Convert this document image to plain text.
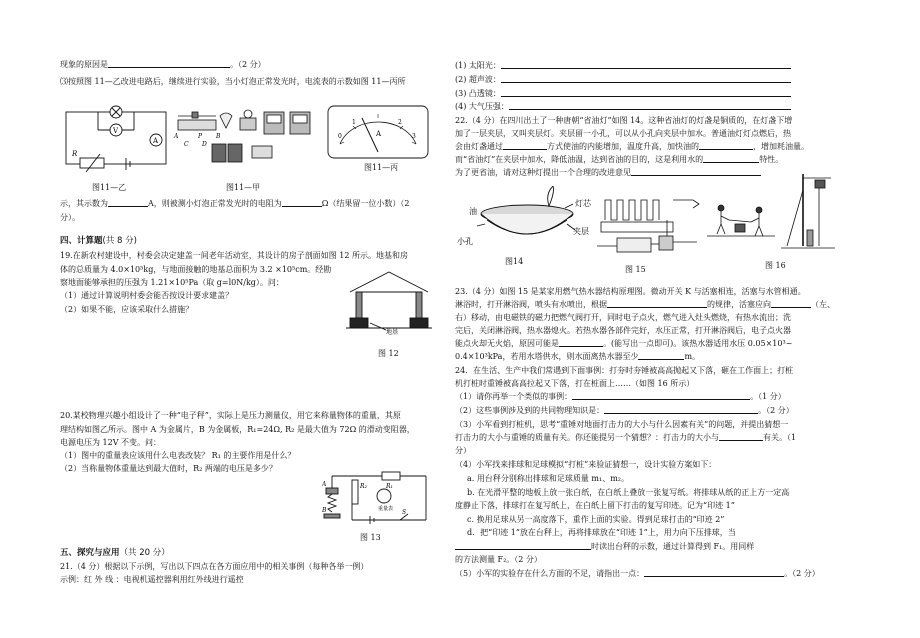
现象的原因是	。（2 分）
⑶按照图 11—乙改进电路后，继续进行实验，当小灯泡正常发光时，电流表的示数如图 11—丙所
V
A
R
图11—乙
A	P B
C D
图11—甲
0
1	2
3
A
图11—丙
示，其示数为	A，则被测小灯泡正常发光时的电阻为	Ω（结果留一位小数）（2
分）。
四、计算题(共 8 分)
19.在新农村建设中，村委会决定建盖一间老年活动室，其设计的房子剖面如图 12 所示。地基和房
体的总质量为 4.0×10⁵kg，与地面接触的地基总面积为 3.2 ×10⁵cm。经勘
察地面能够承担的压强为 1.21×10⁵Pa（取 g=l0N/kg）。问：
（1）通过计算说明村委会能否按设计要求建盖？
（2）如果不能，应该采取什么措施？
地基
图 12
20.某校物理兴趣小组设计了一种“电子秤”，实际上是压力测量仪，用它来称量物体的重量，其原
理结构如图乙所示。图中 A 为金属片，B 为金属板，R₁=24Ω, R₂ 是最大值为 72Ω 的滑动变阻器，
电源电压为 12V 不变。问：
（1）图中的重量表应该用什么电表改装？ R₁ 的主要作用是什么？
（2）当称量物体重量达到最大值时，R₂ 两端的电压是多少？
A
B
R₂	R₁
S
重量表
图 13
五、探究与应用（共 20 分）
21.（4 分）根据以下示例，写出以下四点在各方面应用中的相关事例（每种各举一例）
示例：红 外 线 ：电视机遥控器利用红外线进行遥控
(1) 太阳光：
(2) 超声波：
(3) 凸透镜：
(4) 大气压强：
22.（4 分）在四川出土了一种唐朝“省油灯”如图 14。这种省油灯的灯盏是铜质的，在灯盏下增
加了一层夹层，又叫夹层灯。夹层留一小孔，可以从小孔向夹层中加水。普通油灯灯点燃后，热
会由灯盏通过	方式使油的内能增加，温度升高，加快油的	，增加耗油量。
而“省油灯”在夹层中加水，降低油温，达到省油的目的，这是利用水的	特性。
为了更省油，请对这种灯提出一个合理的改进意见
油
灯芯
小孔
夹层
图14
图 15	图 16
23.（4 分）如图 15 是某家用燃气热水器结构原理图。微动开关 K 与活塞相连，活塞与水管相通。
淋浴时，打开淋浴阀，喷头有水喷出，根据	的规律，活塞应向	（左、
右）移动，由电磁铁的磁力把燃气阀打开，同时电子点火，燃气进入灶头燃烧，有热水流出；洗
完后，关闭淋浴阀，热水器熄火。若热水器各部件完好，水压正常，打开淋浴阀后，电子点火器
能点火却无火焰，原因可能是	。(能写出一点即可)。该热水器适用水压 0.05×10³~
0.4×10³kPa，若用水塔供水，则水面离热水器至少	m。
24．在生活、生产中我们常遇到下面事例：打夯时夯锤被高高抛起又下落，砸在工作面上；打桩
机打桩时重锤被高高拉起又下落，打在桩面上……（如图 16 所示）
（1）请你再举一个类似的事例：	。（1 分）
（2）这些事例涉及到的共同物理知识是：	。（2 分）
（3）小军看到打桩机，思考“重锤对地面打击力的大小与什么因素有关”的问题，并提出猜想一
打击力的大小与重锤的质量有关。你还能提另一个猜想？：打击力的大小与	有关。（1
分）
（4）小军找来排球和足球模拟“打桩”来验证猜想一，设计实验方案如下：
a. 用台秤分别称出排球和足球质量 m₁、m₂。
b. 在光滑平整的地板上放一张白纸，在白纸上叠放一张复写纸。将排球从纸的正上方一定高
度静止下落，排球打在复写纸上，在白纸上留下打击的复写印迹。记为“印迹 1”
c. 换用足球从另一高度落下，重作上面的实验。得到足球打击的“印迹 2”
d．把“印迹 1”放在台秤上，再将排球放在“印迹 1”上，用力向下压排球，当
时读出台秤的示数，通过计算得到 F₁。用同样
的方法测量 F₂。（2 分）
（5）小军的实验存在什么方面的不足，请指出一点：	。（2 分）
